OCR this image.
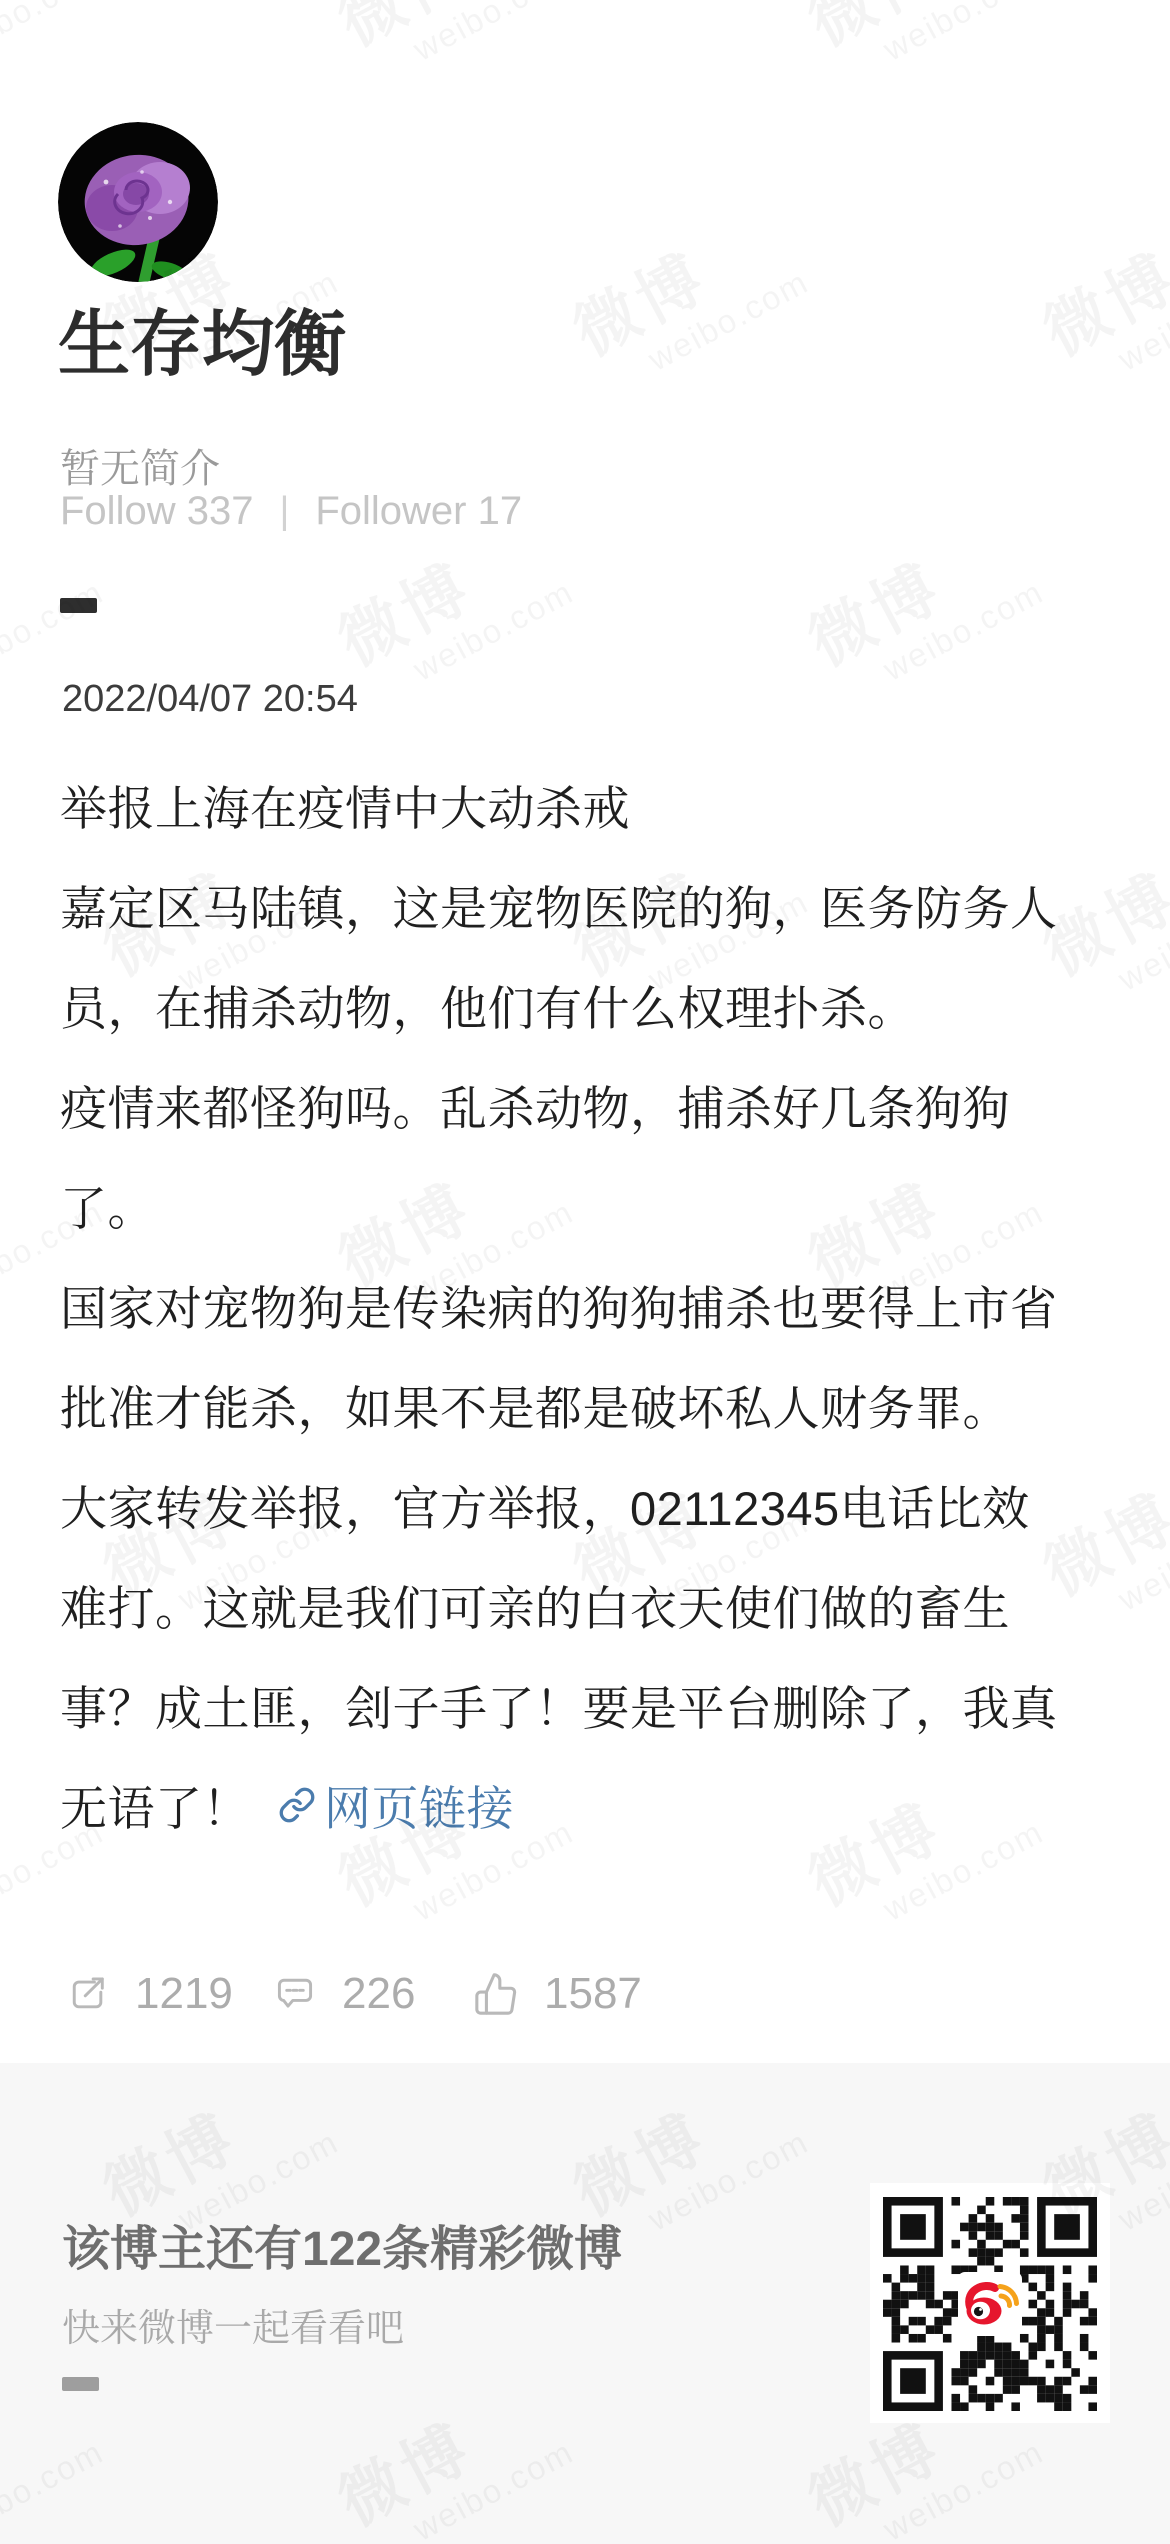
生存均衡
暂无简介
Follow 337 | Follower 17
2022/04/07 20:54
举报上海在疫情中大动杀戒
嘉定区马陆镇，这是宠物医院的狗，医务防务人
员，在捕杀动物，他们有什么权理扑杀。
疫情来都怪狗吗。乱杀动物，捕杀好几条狗狗
了。
国家对宠物狗是传染病的狗狗捕杀也要得上市省
批准才能杀，如果不是都是破坏私人财务罪。
大家转发举报，官方举报，02112345电话比效
难打。这就是我们可亲的白衣天使们做的畜生
事？成土匪，刽子手了！要是平台删除了，我真
无语了！ 网页链接
1219 226	1587
该博主还有122条精彩微博
快来微博一起看看吧
